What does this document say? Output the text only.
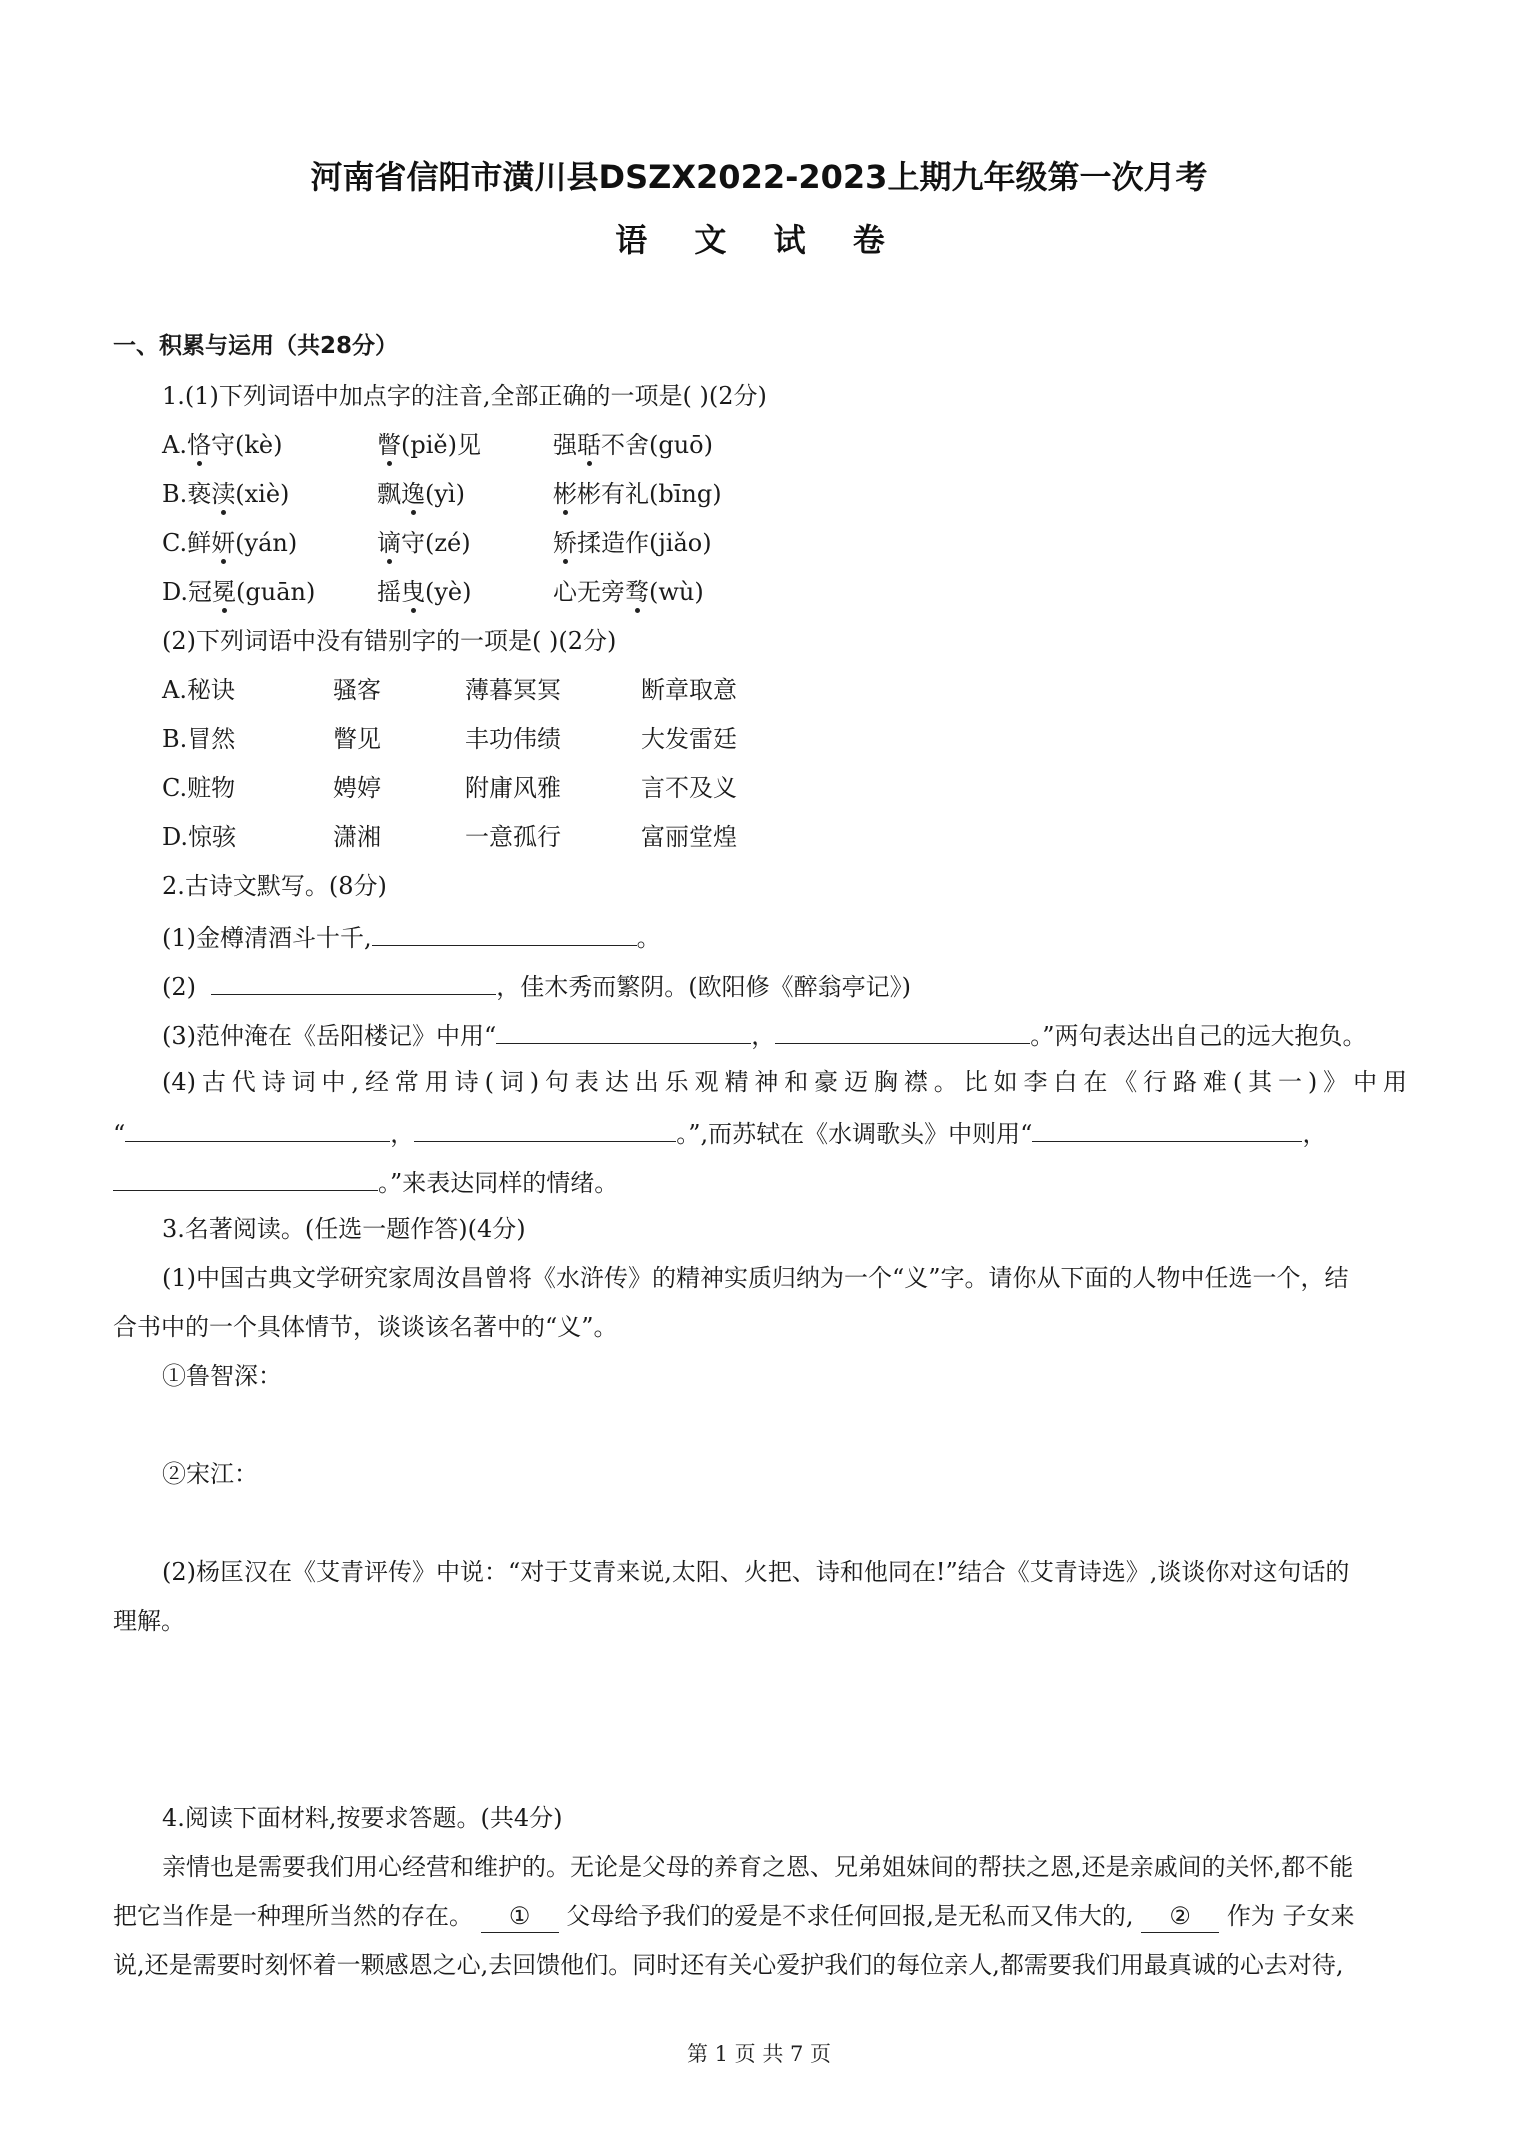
河南省信阳市潢川县DSZX2022-2023上期九年级第一次月考
语 文 试 卷
一、积累与运用（共28分）
1.(1)下列词语中加点字的注音,全部正确的一项是( )(2分)
A.恪守(kè)	瞥(piě)见	强聒不舍(guō)
B.亵渎(xiè)	飘逸(yì)	彬彬有礼(bīng)
C.鲜妍(yán)	谪守(zé)	矫揉造作(jiǎo)
D.冠冕(guān)	摇曳(yè)	心无旁骛(wù)
(2)下列词语中没有错别字的一项是( )(2分)
A.秘诀	骚客	薄暮冥冥	断章取意
B.冒然	瞥见	丰功伟绩	大发雷廷
C.赃物	娉婷	附庸风雅	言不及义
D.惊骇	潇湘	一意孤行	富丽堂煌
2.古诗文默写。(8分)
(1)金樽清酒斗十千,	。
(2)	，佳木秀而繁阴。(欧阳修《醉翁亭记》)
(3)范仲淹在《岳阳楼记》中用“	，	。”两句表达出自己的远大抱负。
(4)古代诗词中,经常用诗(词)句表达出乐观精神和豪迈胸襟。比如李白在《行路难(其一)》中用
“	，	。”,而苏轼在《水调歌头》中则用“	，
。”来表达同样的情绪。
3.名著阅读。(任选一题作答)(4分)
(1)中国古典文学研究家周汝昌曾将《水浒传》的精神实质归纳为一个“义”字。请你从下面的人物中任选一个，结
合书中的一个具体情节，谈谈该名著中的“义”。
①鲁智深：
②宋江：
(2)杨匡汉在《艾青评传》中说：“对于艾青来说,太阳、火把、诗和他同在!”结合《艾青诗选》,谈谈你对这句话的
理解。
4.阅读下面材料,按要求答题。(共4分)
亲情也是需要我们用心经营和维护的。无论是父母的养育之恩、兄弟姐妹间的帮扶之恩,还是亲戚间的关怀,都不能
把它当作是一种理所当然的存在。 ① 父母给予我们的爱是不求任何回报,是无私而又伟大的, ② 作为 子女来
说,还是需要时刻怀着一颗感恩之心,去回馈他们。同时还有关心爱护我们的每位亲人,都需要我们用最真诚的心去对待,
第 1 页 共 7 页
